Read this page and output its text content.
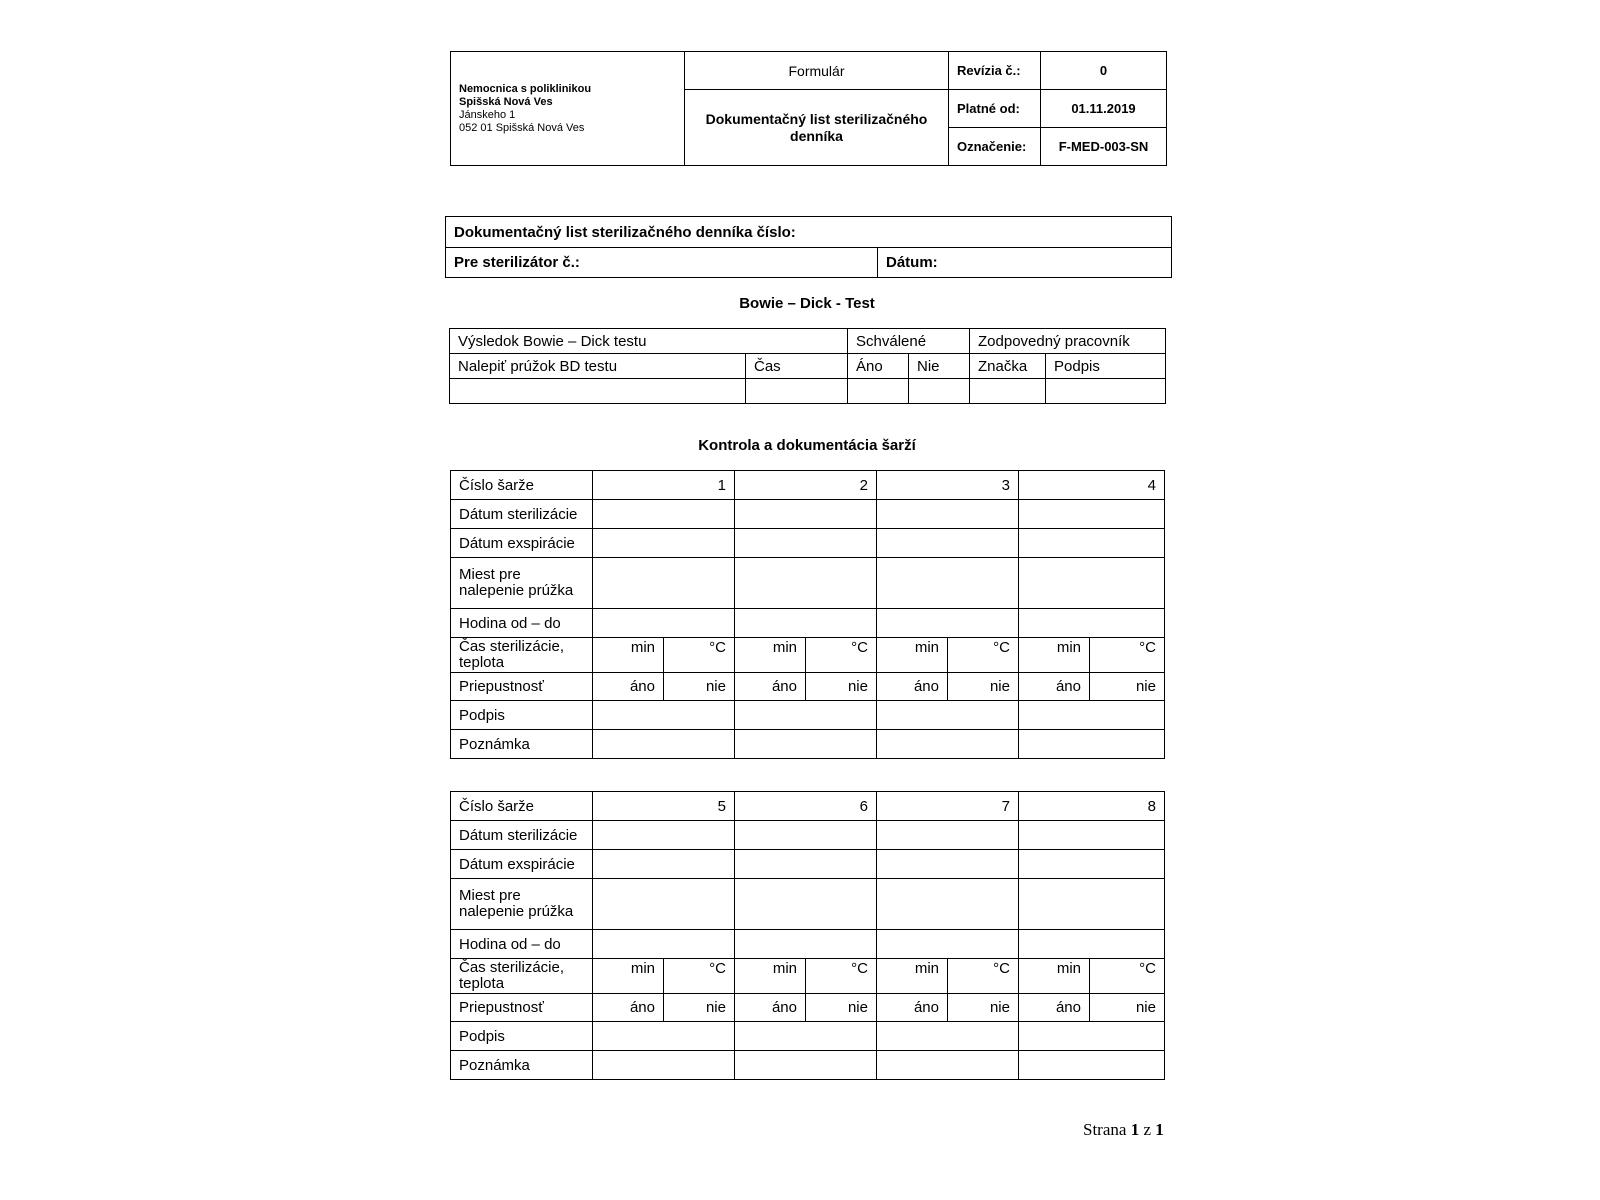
Nemocnica s poliklinikou
Spišská Nová Ves
Jánskeho 1
052 01 Spišská Nová Ves	Formulár	Revízia č.:	0
	Dokumentačný list sterilizačného denníka	Platné od:	01.11.2019
		Označenie:	F-MED-003-SN
Dokumentačný list sterilizačného denníka číslo:
Pre sterilizátor č.:	Dátum:
Bowie – Dick - Test
Výsledok Bowie – Dick testu		Schválené		Zodpovedný pracovník	
Nalepiť prúžok BD testu	Čas	Áno	Nie	Značka	Podpis

Kontrola a dokumentácia šarží
Číslo šarže	1		2		3		4	
Dátum sterilizácie								
Dátum exspirácie								
Miest pre nalepenie prúžka								
Hodina od – do								
Čas sterilizácie, teplota	min	°C	min	°C	min	°C	min	°C
Priepustnosť	áno	nie	áno	nie	áno	nie	áno	nie
Podpis								
Poznámka								
Číslo šarže	5		6		7		8	
Dátum sterilizácie								
Dátum exspirácie								
Miest pre nalepenie prúžka								
Hodina od – do								
Čas sterilizácie, teplota	min	°C	min	°C	min	°C	min	°C
Priepustnosť	áno	nie	áno	nie	áno	nie	áno	nie
Podpis								
Poznámka								
Strana 1 z 1
